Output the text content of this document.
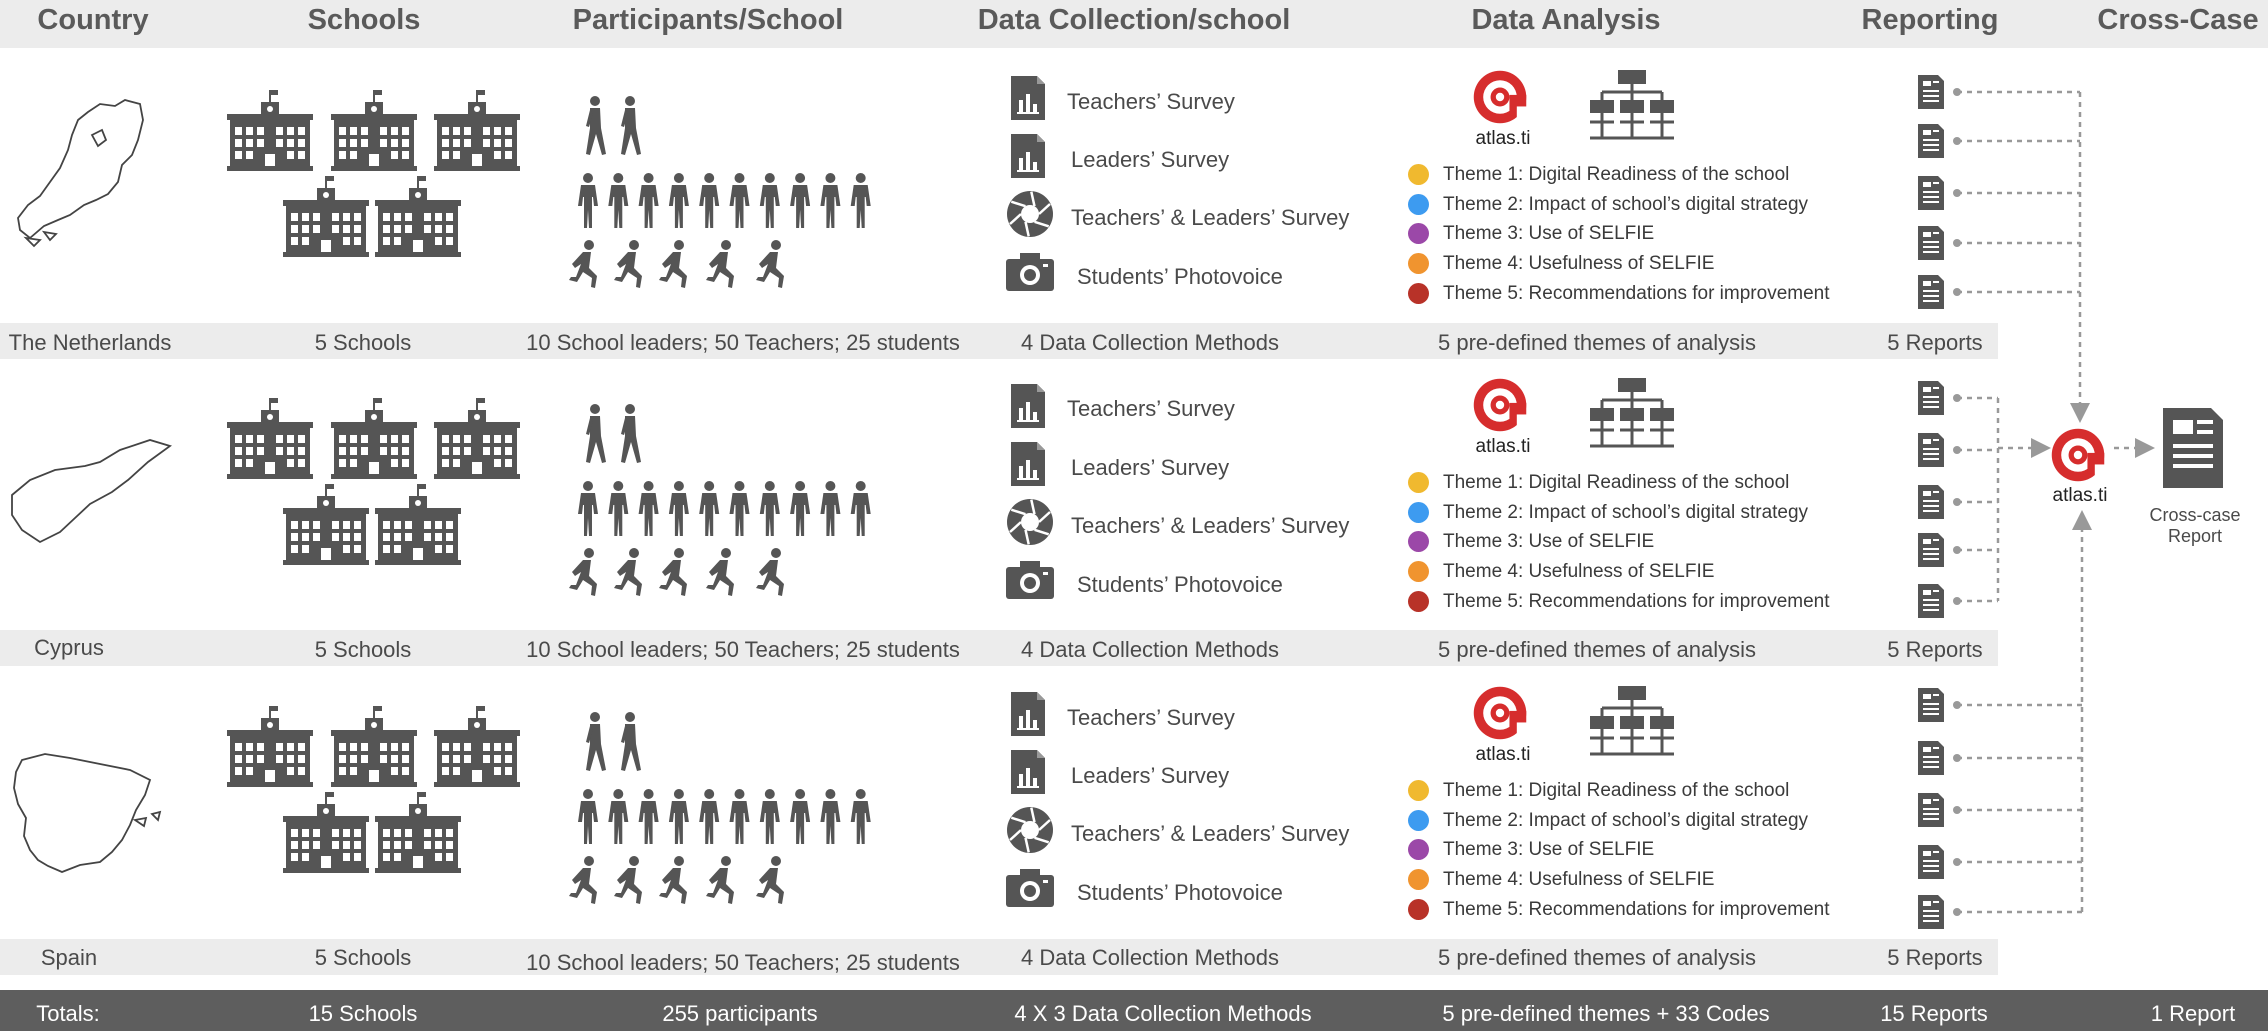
Country	Schools	Participants/School	Data Collection/school	Data Analysis	Reporting	Cross-Case
The Netherlands	5 Schools	10 School leaders; 50 Teachers; 25 students	4 Data Collection Methods	5 pre-defined themes of analysis	5 Reports
Cyprus	5 Schools	10 School leaders; 50 Teachers; 25 students	4 Data Collection Methods	5 pre-defined themes of analysis	5 Reports
Spain	5 Schools	10 School leaders; 50 Teachers; 25 students	4 Data Collection Methods	5 pre-defined themes of analysis	5 Reports
Teachers’ Survey
Leaders’ Survey
Teachers’ & Leaders’ Survey
Students’ Photovoice
Teachers’ Survey
Leaders’ Survey
Teachers’ & Leaders’ Survey
Students’ Photovoice
Teachers’ Survey
Leaders’ Survey
Teachers’ & Leaders’ Survey
Students’ Photovoice
Theme 1: Digital Readiness of the school
Theme 2: Impact of school’s digital strategy
Theme 3: Use of SELFIE
Theme 4: Usefulness of SELFIE
Theme 5: Recommendations for improvement
Theme 1: Digital Readiness of the school
Theme 2: Impact of school’s digital strategy
Theme 3: Use of SELFIE
Theme 4: Usefulness of SELFIE
Theme 5: Recommendations for improvement
Theme 1: Digital Readiness of the school
Theme 2: Impact of school’s digital strategy
Theme 3: Use of SELFIE
Theme 4: Usefulness of SELFIE
Theme 5: Recommendations for improvement
Cross-case Report
Totals:	15 Schools	255 participants	4 X 3 Data Collection Methods	5 pre-defined themes + 33 Codes	15 Reports	1 Report
atlas.ti
atlas.ti
atlas.ti
atlas.ti
